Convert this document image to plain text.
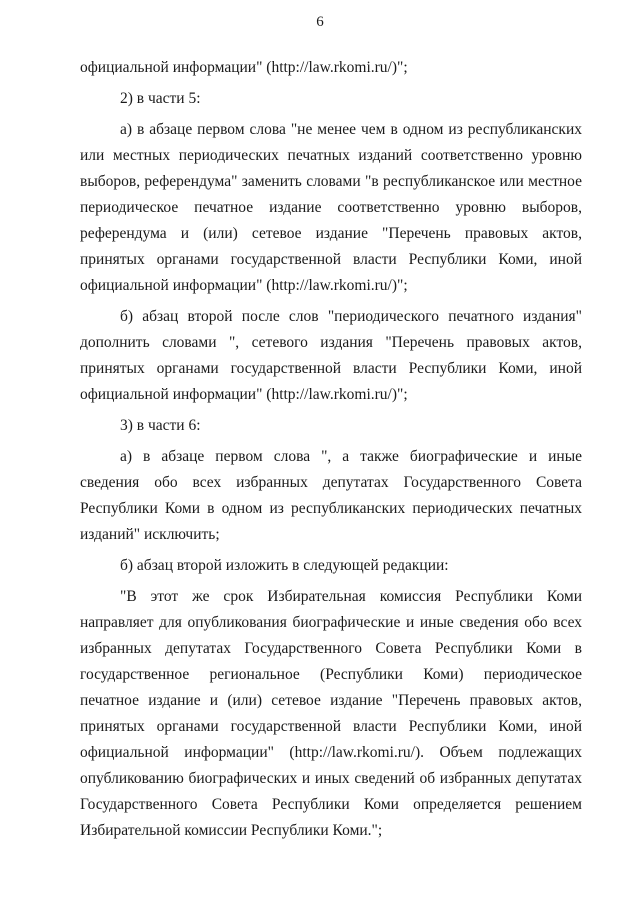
6
официальной информации" (http://law.rkomi.ru/)";
2) в части 5:
а) в абзаце первом слова "не менее чем в одном из республиканских
или местных периодических печатных изданий соответственно уровню
выборов, референдума" заменить словами "в республиканское или местное
периодическое печатное издание соответственно уровню выборов,
референдума и (или) сетевое издание "Перечень правовых актов,
принятых органами государственной власти Республики Коми, иной
официальной информации" (http://law.rkomi.ru/)";
б) абзац второй после слов "периодического печатного издания"
дополнить словами ", сетевого издания "Перечень правовых актов,
принятых органами государственной власти Республики Коми, иной
официальной информации" (http://law.rkomi.ru/)";
3) в части 6:
а) в абзаце первом слова ", а также биографические и иные
сведения обо всех избранных депутатах Государственного Совета
Республики Коми в одном из республиканских периодических печатных
изданий" исключить;
б) абзац второй изложить в следующей редакции:
"В этот же срок Избирательная комиссия Республики Коми
направляет для опубликования биографические и иные сведения обо всех
избранных депутатах Государственного Совета Республики Коми в
государственное региональное (Республики Коми) периодическое
печатное издание и (или) сетевое издание "Перечень правовых актов,
принятых органами государственной власти Республики Коми, иной
официальной информации" (http://law.rkomi.ru/). Объем подлежащих
опубликованию биографических и иных сведений об избранных депутатах
Государственного Совета Республики Коми определяется решением
Избирательной комиссии Республики Коми.";
